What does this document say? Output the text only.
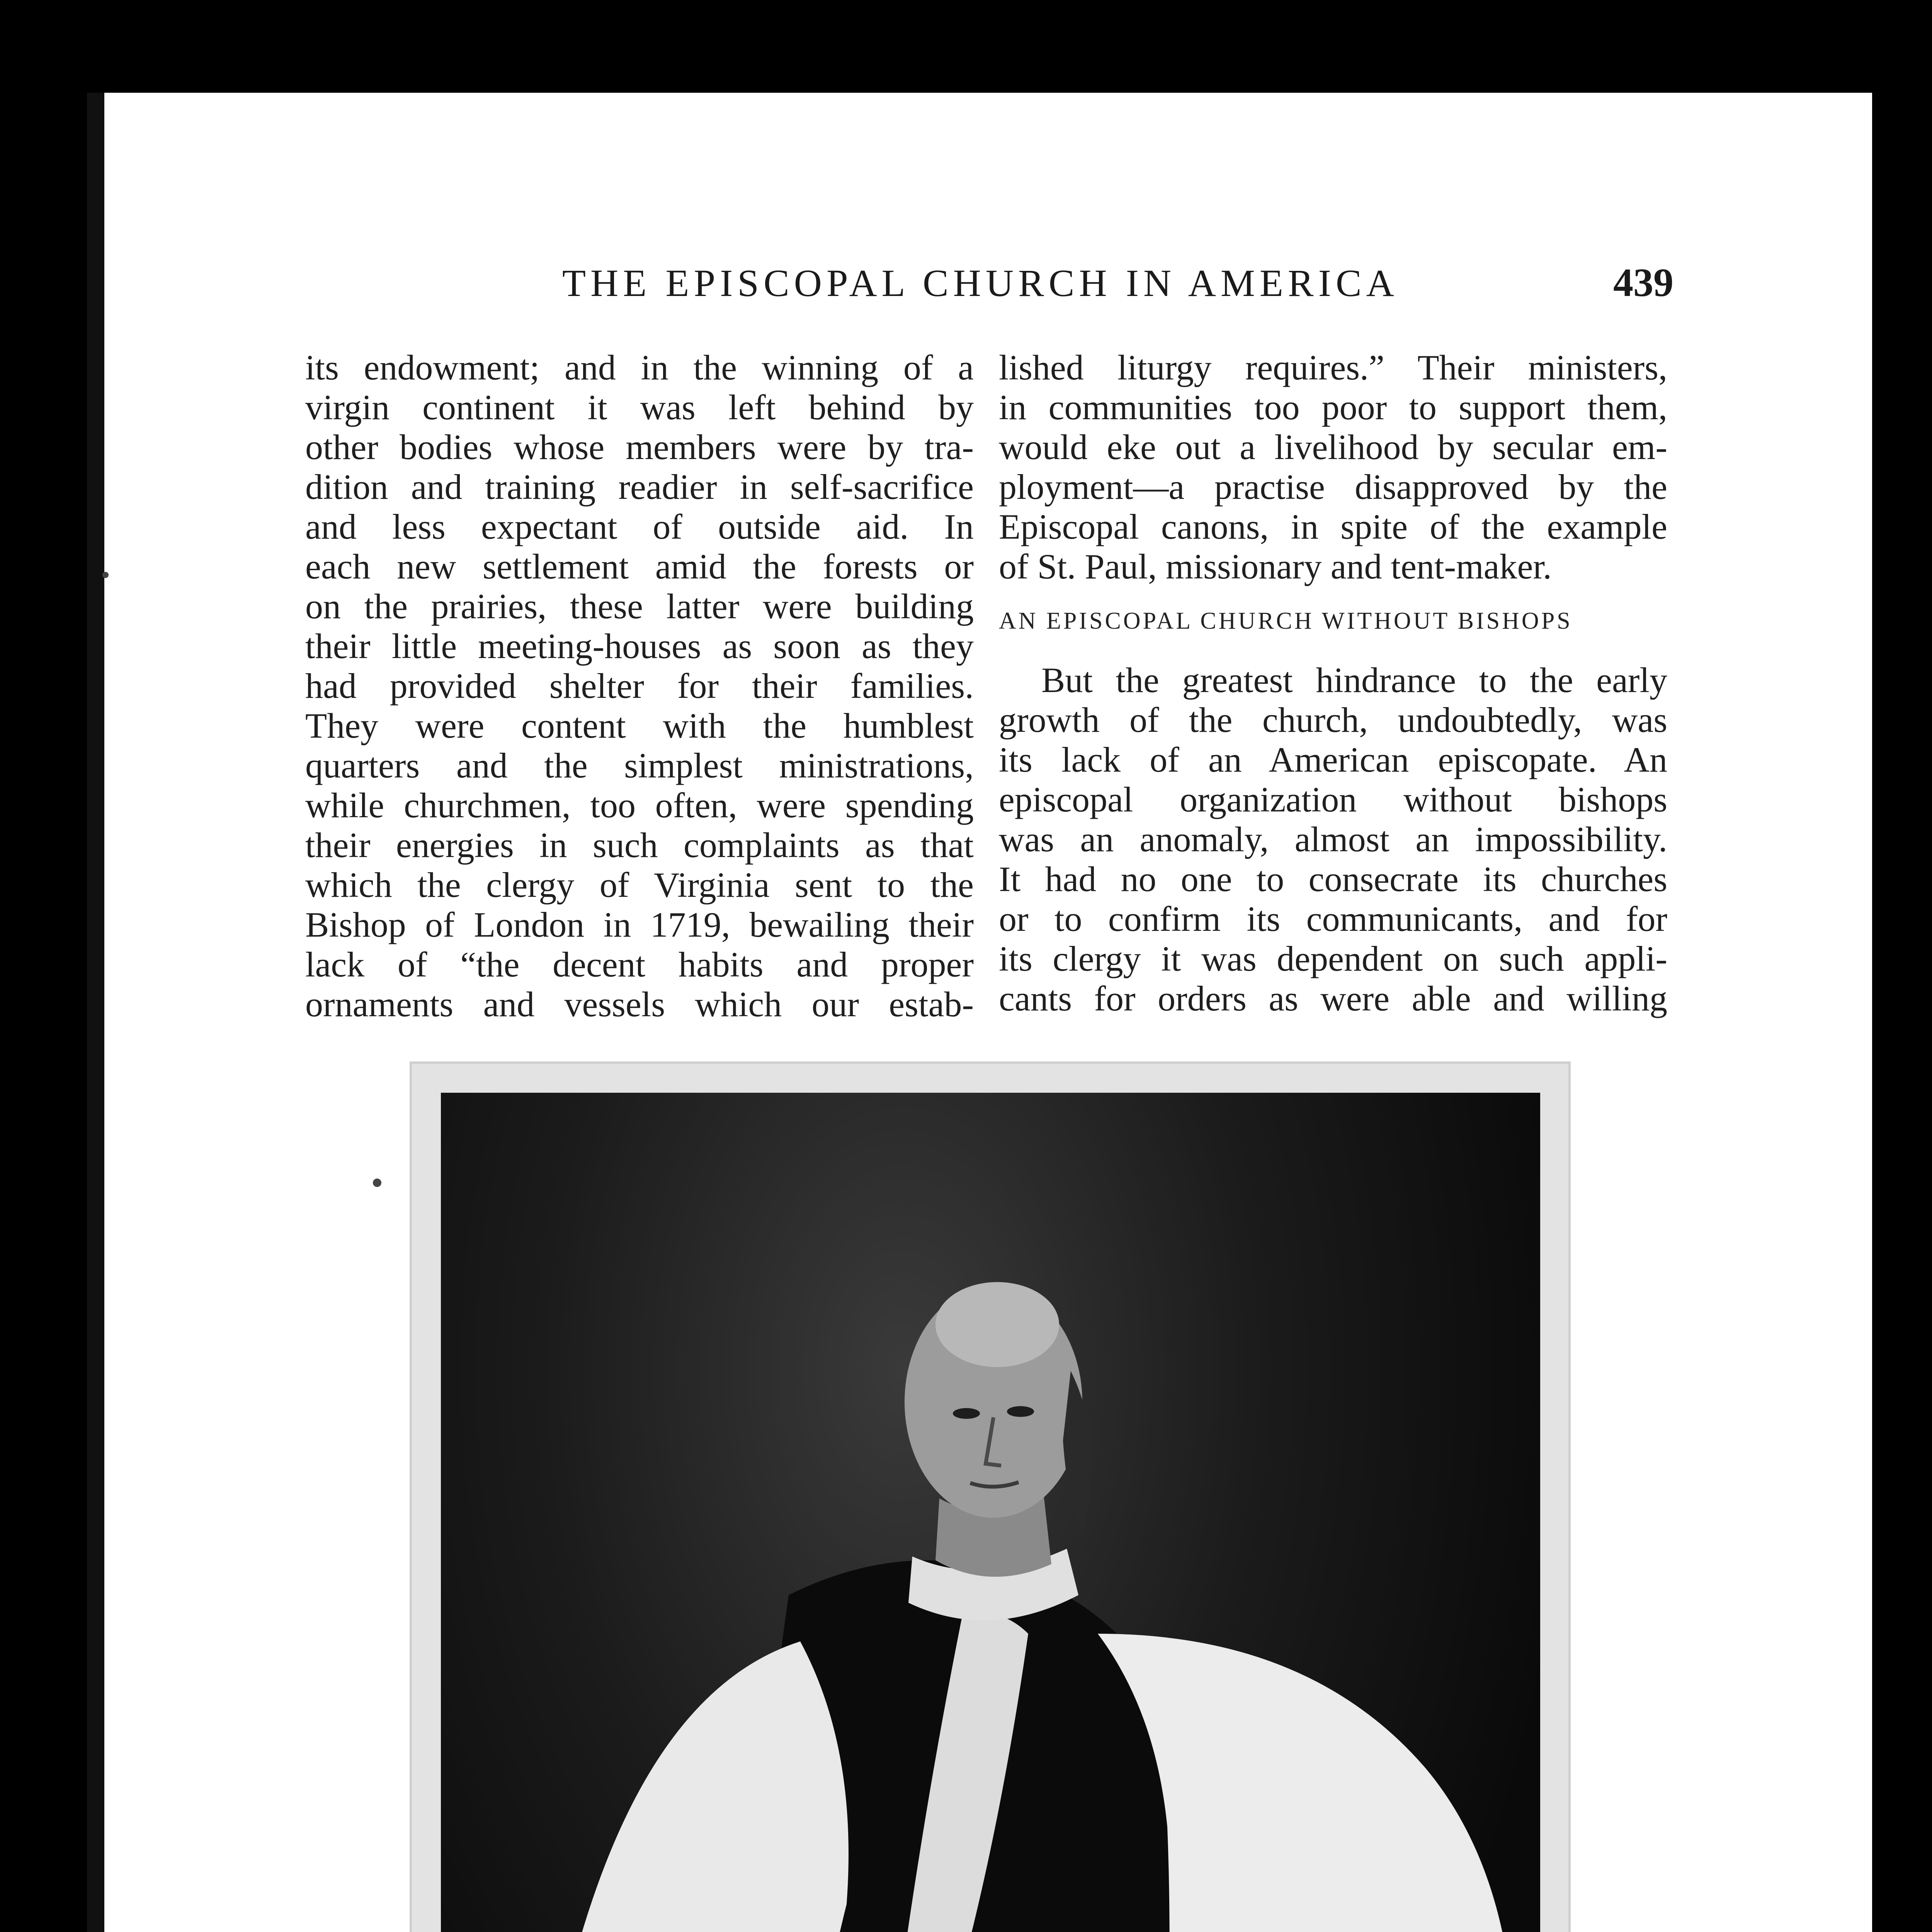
THE EPISCOPAL CHURCH IN AMERICA	439
its endowment; and in the winning of a
virgin continent it was left behind by
other bodies whose members were by tra-
dition and training readier in self-sacrifice
and less expectant of outside aid. In
each new settlement amid the forests or
on the prairies, these latter were building
their little meeting-houses as soon as they
had provided shelter for their families.
They were content with the humblest
quarters and the simplest ministrations,
while churchmen, too often, were spending
their energies in such complaints as that
which the clergy of Virginia sent to the
Bishop of London in 1719, bewailing their
lack of “the decent habits and proper
ornaments and vessels which our estab-
lished liturgy requires.” Their ministers,
in communities too poor to support them,
would eke out a livelihood by secular em-
ployment—a practise disapproved by the
Episcopal canons, in spite of the example
of St. Paul, missionary and tent-maker.
AN EPISCOPAL CHURCH WITHOUT BISHOPS
But the greatest hindrance to the early
growth of the church, undoubtedly, was
its lack of an American episcopate. An
episcopal organization without bishops
was an anomaly, almost an impossibility.
It had no one to consecrate its churches
or to confirm its communicants, and for
its clergy it was dependent on such appli-
cants for orders as were able and willing
